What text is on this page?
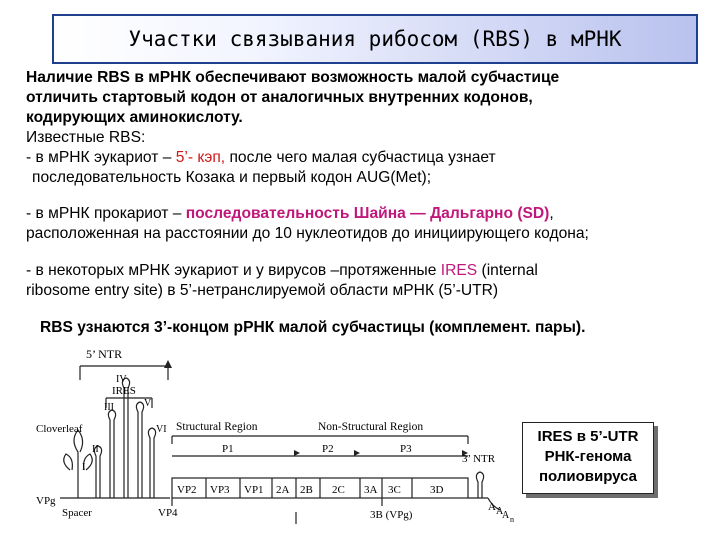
Участки связывания рибосом (RBS) в мРНК
Наличие RBS в мРНК обеспечивают возможность малой субчастице
отличить стартовый кодон от аналогичных внутренних кодонов,
кодирующих аминокислоту.
Известные RBS:
- в мРНК эукариот – 5’- кэп, после чего малая субчастица узнает
последовательность Козака и первый кодон AUG(Met);
- в мРНК прокариот – последовательность Шайна — Дальгарно (SD),
расположенная на расстоянии до 10 нуклеотидов до инициирующего кодона;
- в некоторых мРНК эукариот и у вирусов –протяженные IRES (internal
ribosome entry site) в 5’-нетранслируемой области мРНК (5’-UTR)
RBS узнаются 3’-концом рРНК малой субчастицы (комплемент. пары).
5’ NTR
IRES
Cloverleaf
VPg
Spacer	VP4
I
II
III
IV
V
VI Structural Region	Non-Structural Region
P1	P2	P3
3’ NTR
VP2 VP3 VP1 2A 2B 2C 3A 3C	3D
3B (VPg)
A A
A n
IRES в 5’-UTR
РНК-генома
полиовируса
